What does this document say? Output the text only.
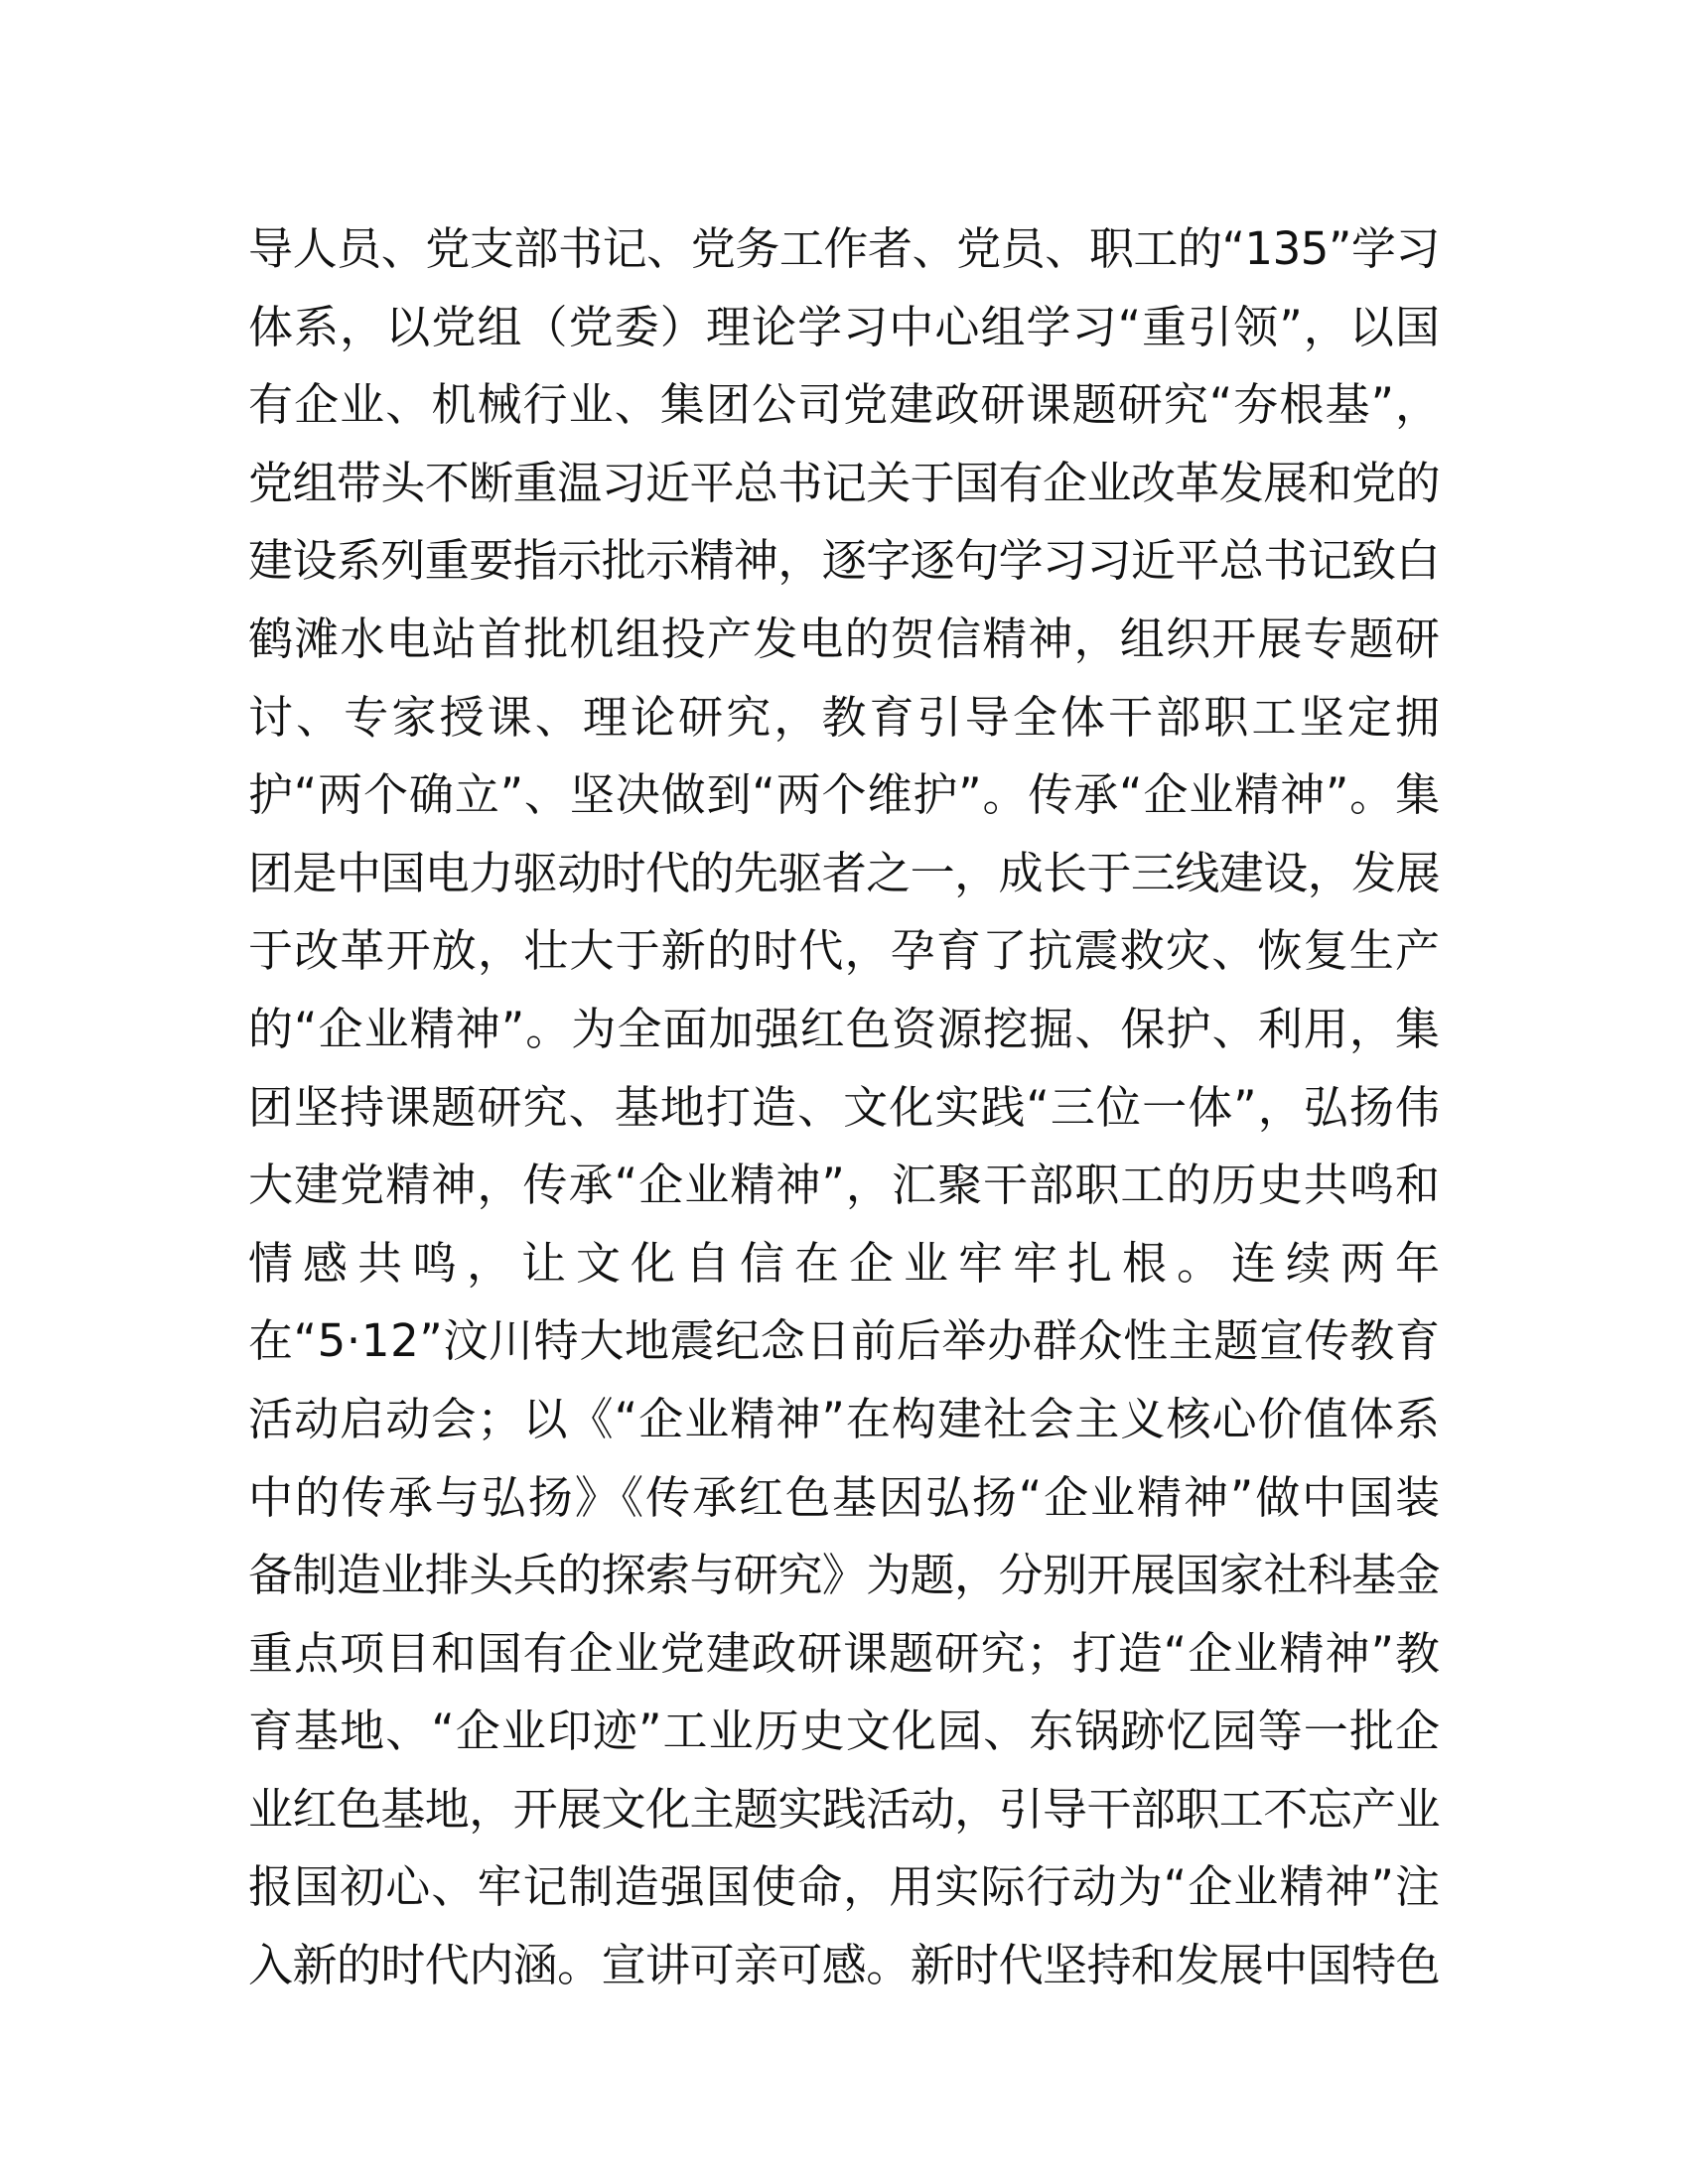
导人员、党支部书记、党务工作者、党员、职工的“135”学习
体系，以党组（党委）理论学习中心组学习“重引领”，以国
有企业、机械行业、集团公司党建政研课题研究“夯根基”，
党组带头不断重温习近平总书记关于国有企业改革发展和党的
建设系列重要指示批示精神，逐字逐句学习习近平总书记致白
鹤滩水电站首批机组投产发电的贺信精神，组织开展专题研
讨、专家授课、理论研究，教育引导全体干部职工坚定拥
护“两个确立”、坚决做到“两个维护”。传承“企业精神”。集
团是中国电力驱动时代的先驱者之一，成长于三线建设，发展
于改革开放，壮大于新的时代，孕育了抗震救灾、恢复生产
的“企业精神”。为全面加强红色资源挖掘、保护、利用，集
团坚持课题研究、基地打造、文化实践“三位一体”，弘扬伟
大建党精神，传承“企业精神”，汇聚干部职工的历史共鸣和
情感共鸣，让文化自信在企业牢牢扎根。连续两年
在“5·12”汶川特大地震纪念日前后举办群众性主题宣传教育
活动启动会；以《“企业精神”在构建社会主义核心价值体系
中的传承与弘扬》《传承红色基因弘扬“企业精神”做中国装
备制造业排头兵的探索与研究》为题，分别开展国家社科基金
重点项目和国有企业党建政研课题研究；打造“企业精神”教
育基地、“企业印迹”工业历史文化园、东锅跡忆园等一批企
业红色基地，开展文化主题实践活动，引导干部职工不忘产业
报国初心、牢记制造强国使命，用实际行动为“企业精神”注
入新的时代内涵。宣讲可亲可感。新时代坚持和发展中国特色
